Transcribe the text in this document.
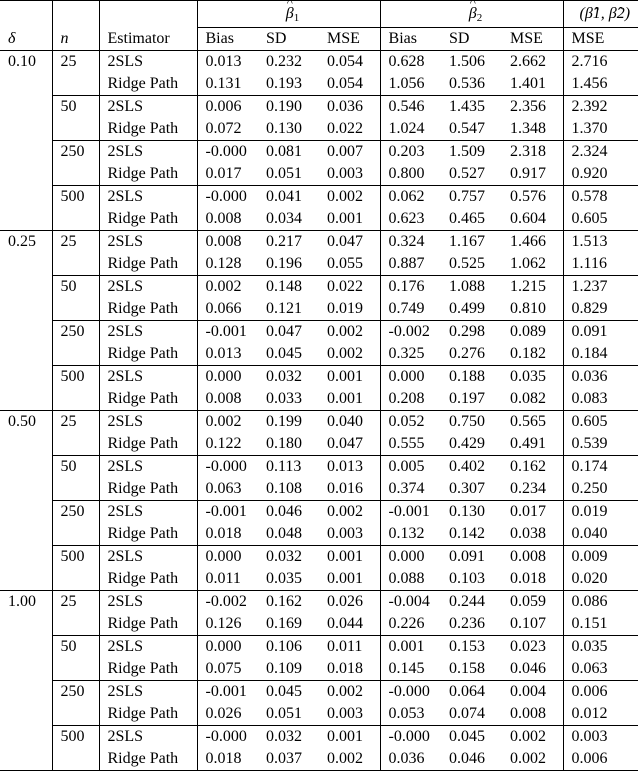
			^ $\beta_1$			^ $\beta_2$			(β̂1, β̂2)
δ	n	Estimator	Bias	SD	MSE	Bias	SD	MSE	MSE
0.10	25	2SLS	0.013	0.232	0.054	0.628	1.506	2.662	2.716
		Ridge Path	0.131	0.193	0.054	1.056	0.536	1.401	1.456
	50	2SLS	0.006	0.190	0.036	0.546	1.435	2.356	2.392
		Ridge Path	0.072	0.130	0.022	1.024	0.547	1.348	1.370
	250	2SLS	-0.000	0.081	0.007	0.203	1.509	2.318	2.324
		Ridge Path	0.017	0.051	0.003	0.800	0.527	0.917	0.920
	500	2SLS	-0.000	0.041	0.002	0.062	0.757	0.576	0.578
		Ridge Path	0.008	0.034	0.001	0.623	0.465	0.604	0.605
0.25	25	2SLS	0.008	0.217	0.047	0.324	1.167	1.466	1.513
		Ridge Path	0.128	0.196	0.055	0.887	0.525	1.062	1.116
	50	2SLS	0.002	0.148	0.022	0.176	1.088	1.215	1.237
		Ridge Path	0.066	0.121	0.019	0.749	0.499	0.810	0.829
	250	2SLS	-0.001	0.047	0.002	-0.002	0.298	0.089	0.091
		Ridge Path	0.013	0.045	0.002	0.325	0.276	0.182	0.184
	500	2SLS	0.000	0.032	0.001	0.000	0.188	0.035	0.036
		Ridge Path	0.008	0.033	0.001	0.208	0.197	0.082	0.083
0.50	25	2SLS	0.002	0.199	0.040	0.052	0.750	0.565	0.605
		Ridge Path	0.122	0.180	0.047	0.555	0.429	0.491	0.539
	50	2SLS	-0.000	0.113	0.013	0.005	0.402	0.162	0.174
		Ridge Path	0.063	0.108	0.016	0.374	0.307	0.234	0.250
	250	2SLS	-0.001	0.046	0.002	-0.001	0.130	0.017	0.019
		Ridge Path	0.018	0.048	0.003	0.132	0.142	0.038	0.040
	500	2SLS	0.000	0.032	0.001	0.000	0.091	0.008	0.009
		Ridge Path	0.011	0.035	0.001	0.088	0.103	0.018	0.020
1.00	25	2SLS	-0.002	0.162	0.026	-0.004	0.244	0.059	0.086
		Ridge Path	0.126	0.169	0.044	0.226	0.236	0.107	0.151
	50	2SLS	0.000	0.106	0.011	0.001	0.153	0.023	0.035
		Ridge Path	0.075	0.109	0.018	0.145	0.158	0.046	0.063
	250	2SLS	-0.001	0.045	0.002	-0.000	0.064	0.004	0.006
		Ridge Path	0.026	0.051	0.003	0.053	0.074	0.008	0.012
	500	2SLS	-0.000	0.032	0.001	-0.000	0.045	0.002	0.003
		Ridge Path	0.018	0.037	0.002	0.036	0.046	0.002	0.006
